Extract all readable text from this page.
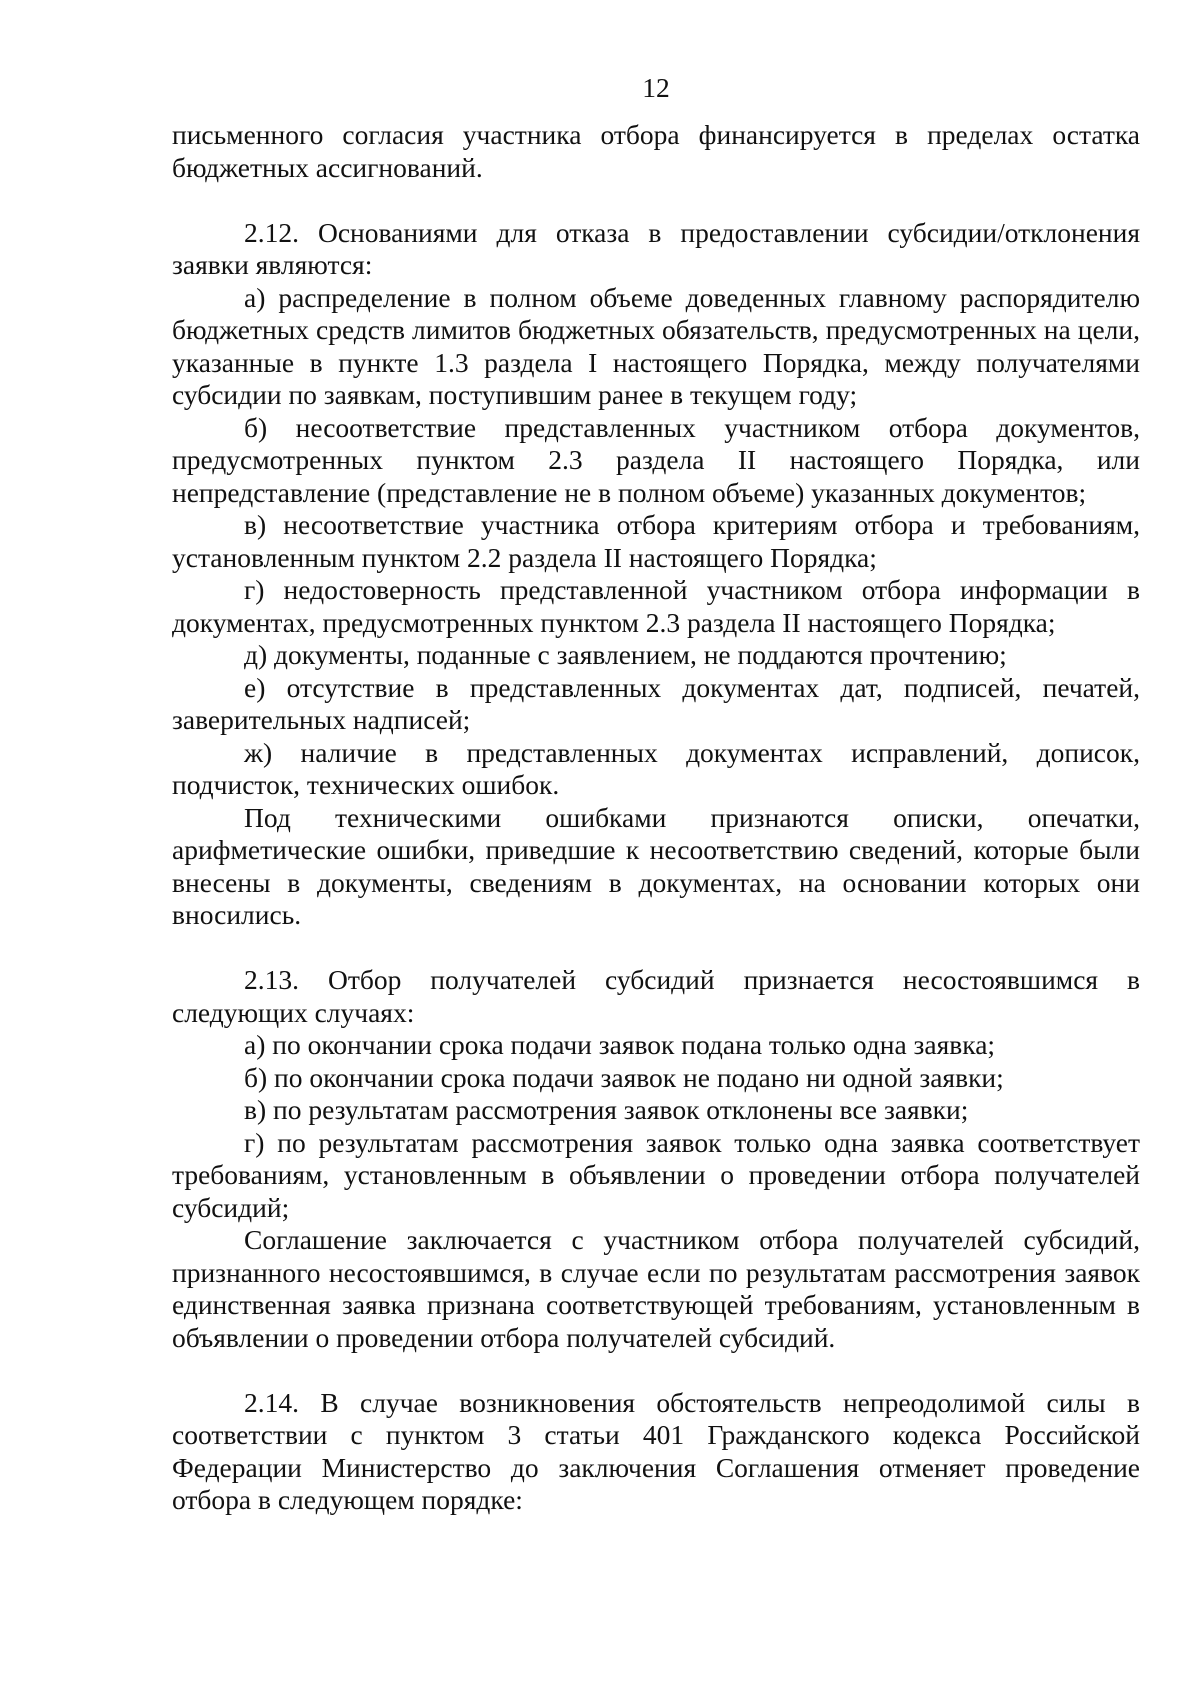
12

письменного согласия участника отбора финансируется в пределах остатка бюджетных ассигнований.

2.12. Основаниями для отказа в предоставлении субсидии/отклонения заявки являются:

а) распределение в полном объеме доведенных главному распорядителю бюджетных средств лимитов бюджетных обязательств, предусмотренных на цели, указанные в пункте 1.3 раздела I настоящего Порядка, между получателями субсидии по заявкам, поступившим ранее в текущем году;

б) несоответствие представленных участником отбора документов, предусмотренных пунктом 2.3 раздела II настоящего Порядка, или непредставление (представление не в полном объеме) указанных документов;

в) несоответствие участника отбора критериям отбора и требованиям, установленным пунктом 2.2 раздела II настоящего Порядка;

г) недостоверность представленной участником отбора информации в документах, предусмотренных пунктом 2.3 раздела II настоящего Порядка;

д) документы, поданные с заявлением, не поддаются прочтению;

е) отсутствие в представленных документах дат, подписей, печатей, заверительных надписей;

ж) наличие в представленных документах исправлений, дописок, подчисток, технических ошибок.

Под техническими ошибками признаются описки, опечатки, арифметические ошибки, приведшие к несоответствию сведений, которые были внесены в документы, сведениям в документах, на основании которых они вносились.

2.13. Отбор получателей субсидий признается несостоявшимся в следующих случаях:

а) по окончании срока подачи заявок подана только одна заявка;

б) по окончании срока подачи заявок не подано ни одной заявки;

в) по результатам рассмотрения заявок отклонены все заявки;

г) по результатам рассмотрения заявок только одна заявка соответствует требованиям, установленным в объявлении о проведении отбора получателей субсидий;

Соглашение заключается с участником отбора получателей субсидий, признанного несостоявшимся, в случае если по результатам рассмотрения заявок единственная заявка признана соответствующей требованиям, установленным в объявлении о проведении отбора получателей субсидий.

2.14. В случае возникновения обстоятельств непреодолимой силы в соответствии с пунктом 3 статьи 401 Гражданского кодекса Российской Федерации Министерство до заключения Соглашения отменяет проведение отбора в следующем порядке:
